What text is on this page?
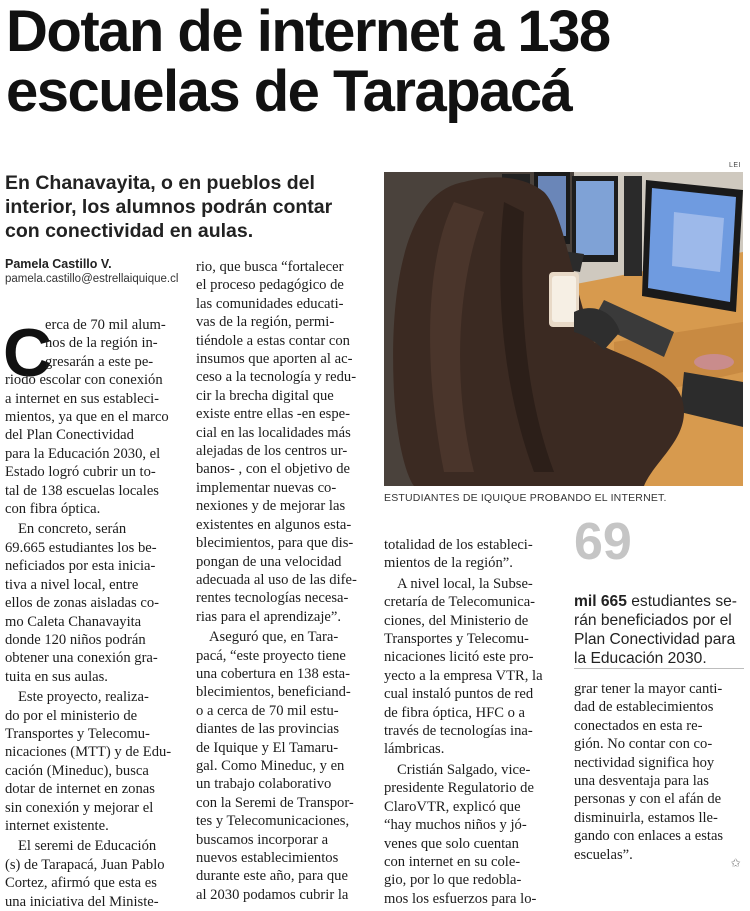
Dotan de internet a 138
escuelas de Tarapacá
En Chanavayita, o en pueblos del
interior, los alumnos podrán contar
con conectividad en aulas.
Pamela Castillo V.
pamela.castillo@estrellaiquique.cl
LEI
ESTUDIANTES DE IQUIQUE PROBANDO EL INTERNET.
C
erca de 70 mil alum-
nos de la región in-
gresarán a este pe-
riodo escolar con conexión
a internet en sus estableci-
mientos, ya que en el marco
del Plan Conectividad
para la Educación 2030, el
Estado logró cubrir un to-
tal de 138 escuelas locales
con fibra óptica.
En concreto, serán
69.665 estudiantes los be-
neficiados por esta inicia-
tiva a nivel local, entre
ellos de zonas aisladas co-
mo Caleta Chanavayita
donde 120 niños podrán
obtener una conexión gra-
tuita en sus aulas.
Este proyecto, realiza-
do por el ministerio de
Transportes y Telecomu-
nicaciones (MTT) y de Edu-
cación (Mineduc), busca
dotar de internet en zonas
sin conexión y mejorar el
internet existente.
El seremi de Educación
(s) de Tarapacá, Juan Pablo
Cortez, afirmó que esta es
una iniciativa del Ministe-
rio, que busca “fortalecer
el proceso pedagógico de
las comunidades educati-
vas de la región, permi-
tiéndole a estas contar con
insumos que aporten al ac-
ceso a la tecnología y redu-
cir la brecha digital que
existe entre ellas -en espe-
cial en las localidades más
alejadas de los centros ur-
banos- , con el objetivo de
implementar nuevas co-
nexiones y de mejorar las
existentes en algunos esta-
blecimientos, para que dis-
pongan de una velocidad
adecuada al uso de las dife-
rentes tecnologías necesa-
rias para el aprendizaje”.
Aseguró que, en Tara-
pacá, “este proyecto tiene
una cobertura en 138 esta-
blecimientos, beneficiand-
o a cerca de 70 mil estu-
diantes de las provincias
de Iquique y El Tamaru-
gal. Como Mineduc, y en
un trabajo colaborativo
con la Seremi de Transpor-
tes y Telecomunicaciones,
buscamos incorporar a
nuevos establecimientos
durante este año, para que
al 2030 podamos cubrir la
totalidad de los estableci-
mientos de la región”.
A nivel local, la Subse-
cretaría de Telecomunica-
ciones, del Ministerio de
Transportes y Telecomu-
nicaciones licitó este pro-
yecto a la empresa VTR, la
cual instaló puntos de red
de fibra óptica, HFC o a
través de tecnologías ina-
lámbricas.
Cristián Salgado, vice-
presidente Regulatorio de
ClaroVTR, explicó que
“hay muchos niños y jó-
venes que solo cuentan
con internet en su cole-
gio, por lo que redobla-
mos los esfuerzos para lo-
69
mil 665 estudiantes se-
rán beneficiados por el
Plan Conectividad para
la Educación 2030.
grar tener la mayor canti-
dad de establecimientos
conectados en esta re-
gión. No contar con co-
nectividad significa hoy
una desventaja para las
personas y con el afán de
disminuirla, estamos lle-
gando con enlaces a estas
escuelas”.
✩
